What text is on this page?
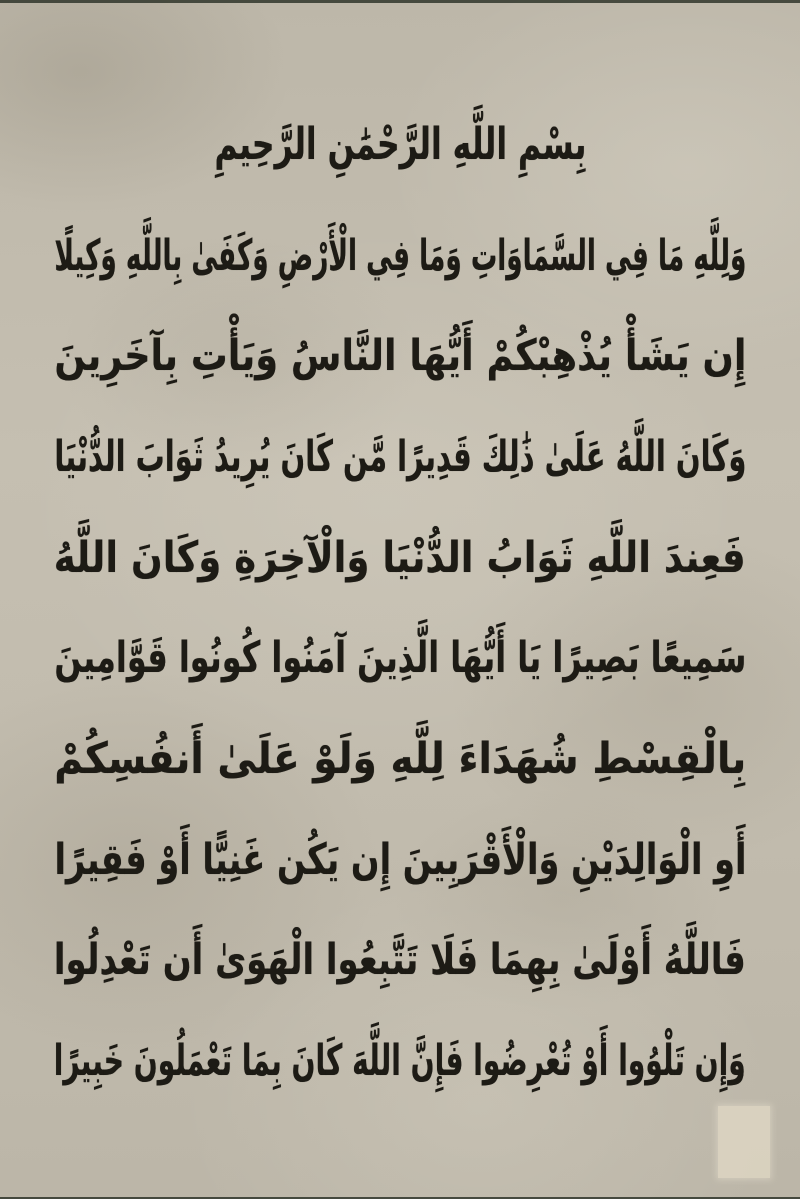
بِسْمِ اللَّهِ الرَّحْمَٰنِ الرَّحِيمِ
وَلِلَّهِ مَا فِي السَّمَاوَاتِ وَمَا فِي الْأَرْضِ وَكَفَىٰ بِاللَّهِ وَكِيلًا
إِن يَشَأْ يُذْهِبْكُمْ أَيُّهَا النَّاسُ وَيَأْتِ بِآخَرِينَ
وَكَانَ اللَّهُ عَلَىٰ ذَٰلِكَ قَدِيرًا مَّن كَانَ يُرِيدُ ثَوَابَ الدُّنْيَا
فَعِندَ اللَّهِ ثَوَابُ الدُّنْيَا وَالْآخِرَةِ وَكَانَ اللَّهُ
سَمِيعًا بَصِيرًا يَا أَيُّهَا الَّذِينَ آمَنُوا كُونُوا قَوَّامِينَ
بِالْقِسْطِ شُهَدَاءَ لِلَّهِ وَلَوْ عَلَىٰ أَنفُسِكُمْ
أَوِ الْوَالِدَيْنِ وَالْأَقْرَبِينَ إِن يَكُن غَنِيًّا أَوْ فَقِيرًا
فَاللَّهُ أَوْلَىٰ بِهِمَا فَلَا تَتَّبِعُوا الْهَوَىٰ أَن تَعْدِلُوا
وَإِن تَلْوُوا أَوْ تُعْرِضُوا فَإِنَّ اللَّهَ كَانَ بِمَا تَعْمَلُونَ خَبِيرًا
